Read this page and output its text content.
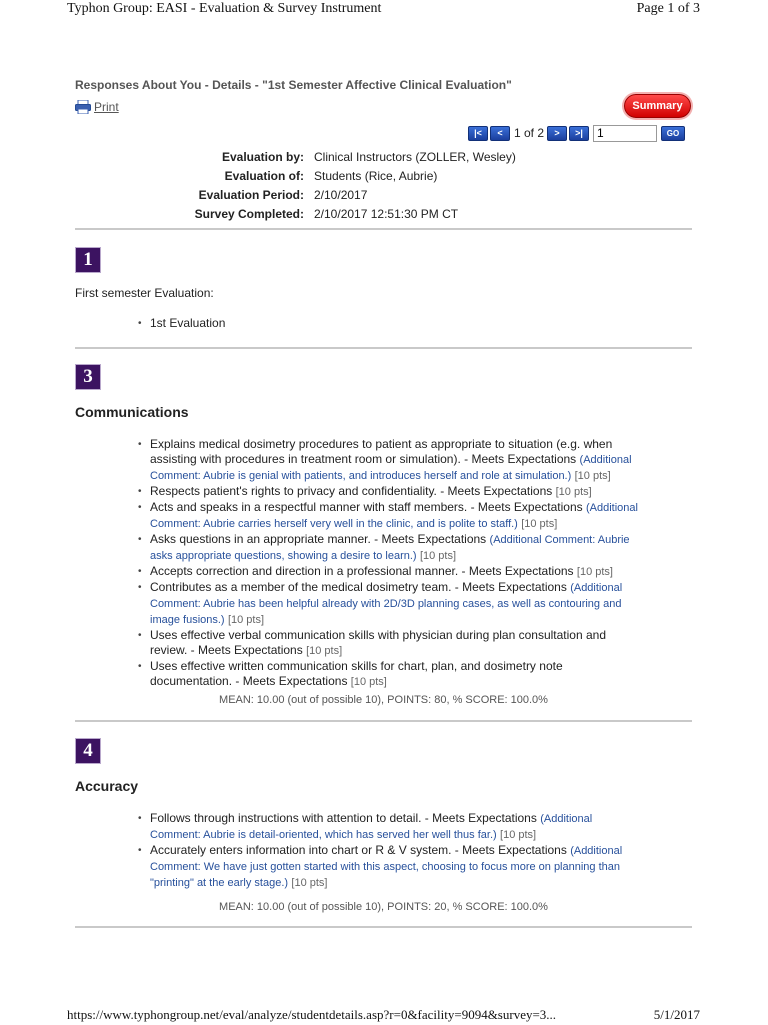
Typhon Group: EASI - Evaluation & Survey Instrument	Page 1 of 3
Responses About You - Details - "1st Semester Affective Clinical Evaluation"
Print	Summary
|<	< 1 of 2	>	>|
1	GO
Evaluation by: Clinical Instructors (ZOLLER, Wesley)
Evaluation of: Students (Rice, Aubrie)
Evaluation Period: 2/10/2017
Survey Completed: 2/10/2017 12:51:30 PM CT
1
First semester Evaluation:
• 1st Evaluation
3
Communications
• Explains medical dosimetry procedures to patient as appropriate to situation (e.g. when assisting with procedures in treatment room or simulation). - Meets Expectations (Additional Comment: Aubrie is genial with patients, and introduces herself and role at simulation.) [10 pts]
• Respects patient's rights to privacy and confidentiality. - Meets Expectations [10 pts]
• Acts and speaks in a respectful manner with staff members. - Meets Expectations (Additional Comment: Aubrie carries herself very well in the clinic, and is polite to staff.) [10 pts]
• Asks questions in an appropriate manner. - Meets Expectations (Additional Comment: Aubrie asks appropriate questions, showing a desire to learn.) [10 pts]
• Accepts correction and direction in a professional manner. - Meets Expectations [10 pts]
• Contributes as a member of the medical dosimetry team. - Meets Expectations (Additional Comment: Aubrie has been helpful already with 2D/3D planning cases, as well as contouring and image fusions.) [10 pts]
• Uses effective verbal communication skills with physician during plan consultation and review. - Meets Expectations [10 pts]
• Uses effective written communication skills for chart, plan, and dosimetry note documentation. - Meets Expectations [10 pts]
MEAN: 10.00 (out of possible 10), POINTS: 80, % SCORE: 100.0%
4
Accuracy
• Follows through instructions with attention to detail. - Meets Expectations (Additional Comment: Aubrie is detail-oriented, which has served her well thus far.) [10 pts]
• Accurately enters information into chart or R & V system. - Meets Expectations (Additional Comment: We have just gotten started with this aspect, choosing to focus more on planning than "printing" at the early stage.) [10 pts]
MEAN: 10.00 (out of possible 10), POINTS: 20, % SCORE: 100.0%
https://www.typhongroup.net/eval/analyze/studentdetails.asp?r=0&facility=9094&survey=3...	5/1/2017
